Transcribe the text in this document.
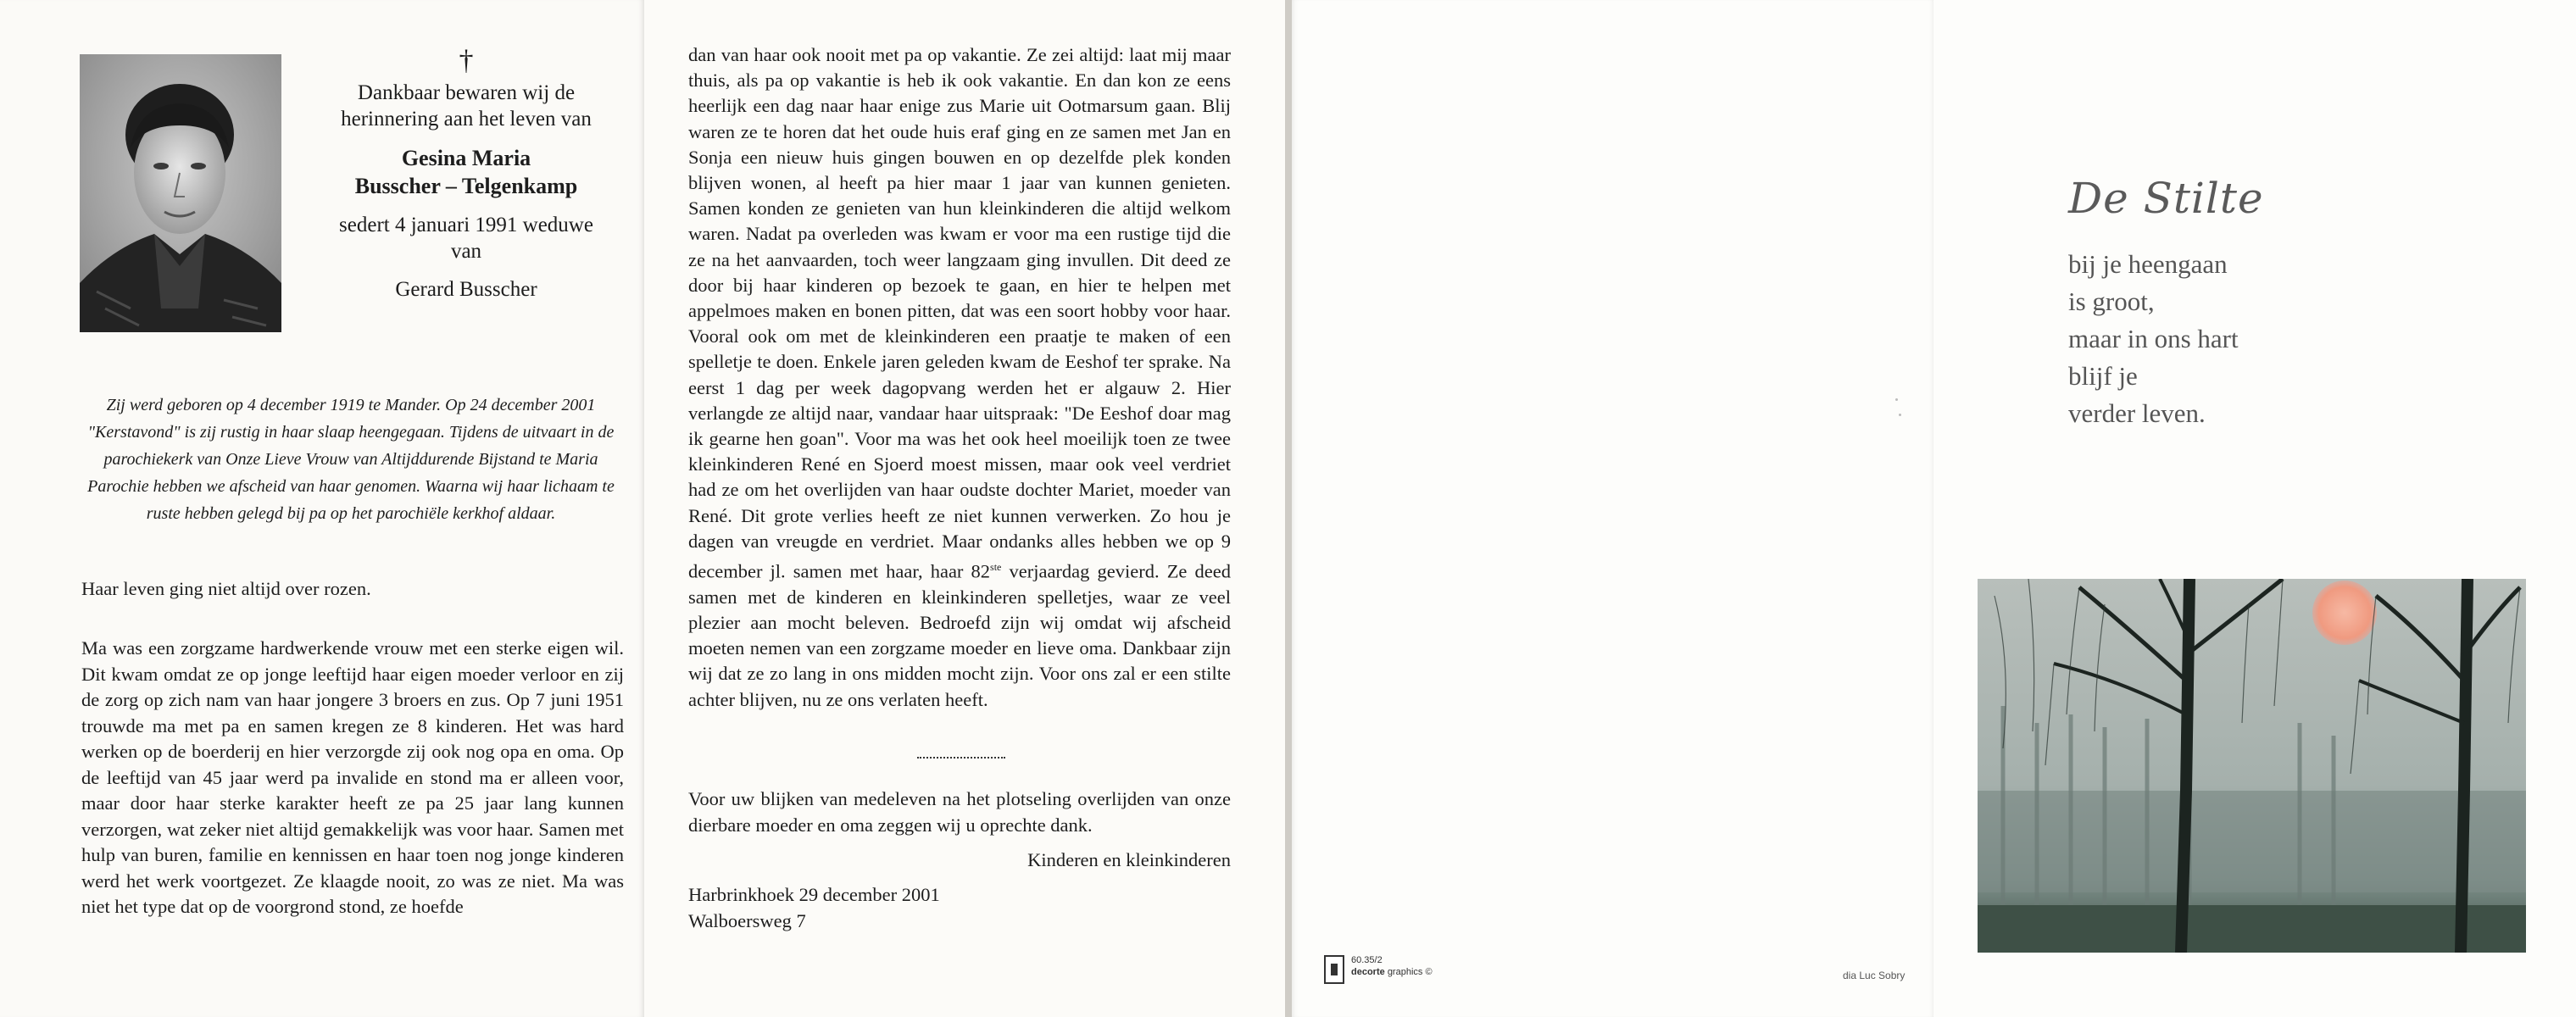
†
Dankbaar bewaren wij de
herinnering aan het leven van
Gesina Maria
Busscher – Telgenkamp
sedert 4 januari 1991 weduwe
van
Gerard Busscher
Zij werd geboren op 4 december 1919 te Mander. Op 24 december 2001 "Kerstavond" is zij rustig in haar slaap heengegaan. Tijdens de uitvaart in de parochiekerk van Onze Lieve Vrouw van Altijddurende Bijstand te Maria Parochie hebben we afscheid van haar genomen. Waarna wij haar lichaam te ruste hebben gelegd bij pa op het parochiële kerkhof aldaar.
Haar leven ging niet altijd over rozen.
Ma was een zorgzame hardwerkende vrouw met een sterke eigen wil. Dit kwam omdat ze op jonge leeftijd haar eigen moeder verloor en zij de zorg op zich nam van haar jongere 3 broers en zus. Op 7 juni 1951 trouwde ma met pa en samen kregen ze 8 kinderen. Het was hard werken op de boerderij en hier verzorgde zij ook nog opa en oma. Op de leeftijd van 45 jaar werd pa invalide en stond ma er alleen voor, maar door haar sterke karakter heeft ze pa 25 jaar lang kunnen verzorgen, wat zeker niet altijd gemakkelijk was voor haar. Samen met hulp van buren, familie en kennissen en haar toen nog jonge kinderen werd het werk voortgezet. Ze klaagde nooit, zo was ze niet. Ma was niet het type dat op de voorgrond stond, ze hoefde
dan van haar ook nooit met pa op vakantie. Ze zei altijd: laat mij maar thuis, als pa op vakantie is heb ik ook vakantie. En dan kon ze eens heerlijk een dag naar haar enige zus Marie uit Ootmarsum gaan. Blij waren ze te horen dat het oude huis eraf ging en ze samen met Jan en Sonja een nieuw huis gingen bouwen en op dezelfde plek konden blijven wonen, al heeft pa hier maar 1 jaar van kunnen genieten. Samen konden ze genieten van hun kleinkinderen die altijd welkom waren. Nadat pa overleden was kwam er voor ma een rustige tijd die ze na het aanvaarden, toch weer langzaam ging invullen. Dit deed ze door bij haar kinderen op bezoek te gaan, en hier te helpen met appelmoes maken en bonen pitten, dat was een soort hobby voor haar. Vooral ook om met de kleinkinderen een praatje te maken of een spelletje te doen. Enkele jaren geleden kwam de Eeshof ter sprake. Na eerst 1 dag per week dagopvang werden het er algauw 2. Hier verlangde ze altijd naar, vandaar haar uitspraak: "De Eeshof doar mag ik gearne hen goan". Voor ma was het ook heel moeilijk toen ze twee kleinkinderen René en Sjoerd moest missen, maar ook veel verdriet had ze om het overlijden van haar oudste dochter Mariet, moeder van René. Dit grote verlies heeft ze niet kunnen verwerken. Zo hou je dagen van vreugde en verdriet. Maar ondanks alles hebben we op 9 december jl. samen met haar, haar 82ste verjaardag gevierd. Ze deed samen met de kinderen en kleinkinderen spelletjes, waar ze veel plezier aan mocht beleven. Bedroefd zijn wij omdat wij afscheid moeten nemen van een zorgzame moeder en lieve oma. Dankbaar zijn wij dat ze zo lang in ons midden mocht zijn. Voor ons zal er een stilte achter blijven, nu ze ons verlaten heeft.
Voor uw blijken van medeleven na het plotseling overlijden van onze dierbare moeder en oma zeggen wij u oprechte dank.
Kinderen en kleinkinderen
Harbrinkhoek 29 december 2001
Walboersweg 7
60.35/2
decorte graphics ©	dia Luc Sobry
De Stilte
bij je heengaan
is groot,
maar in ons hart
blijf je
verder leven.
